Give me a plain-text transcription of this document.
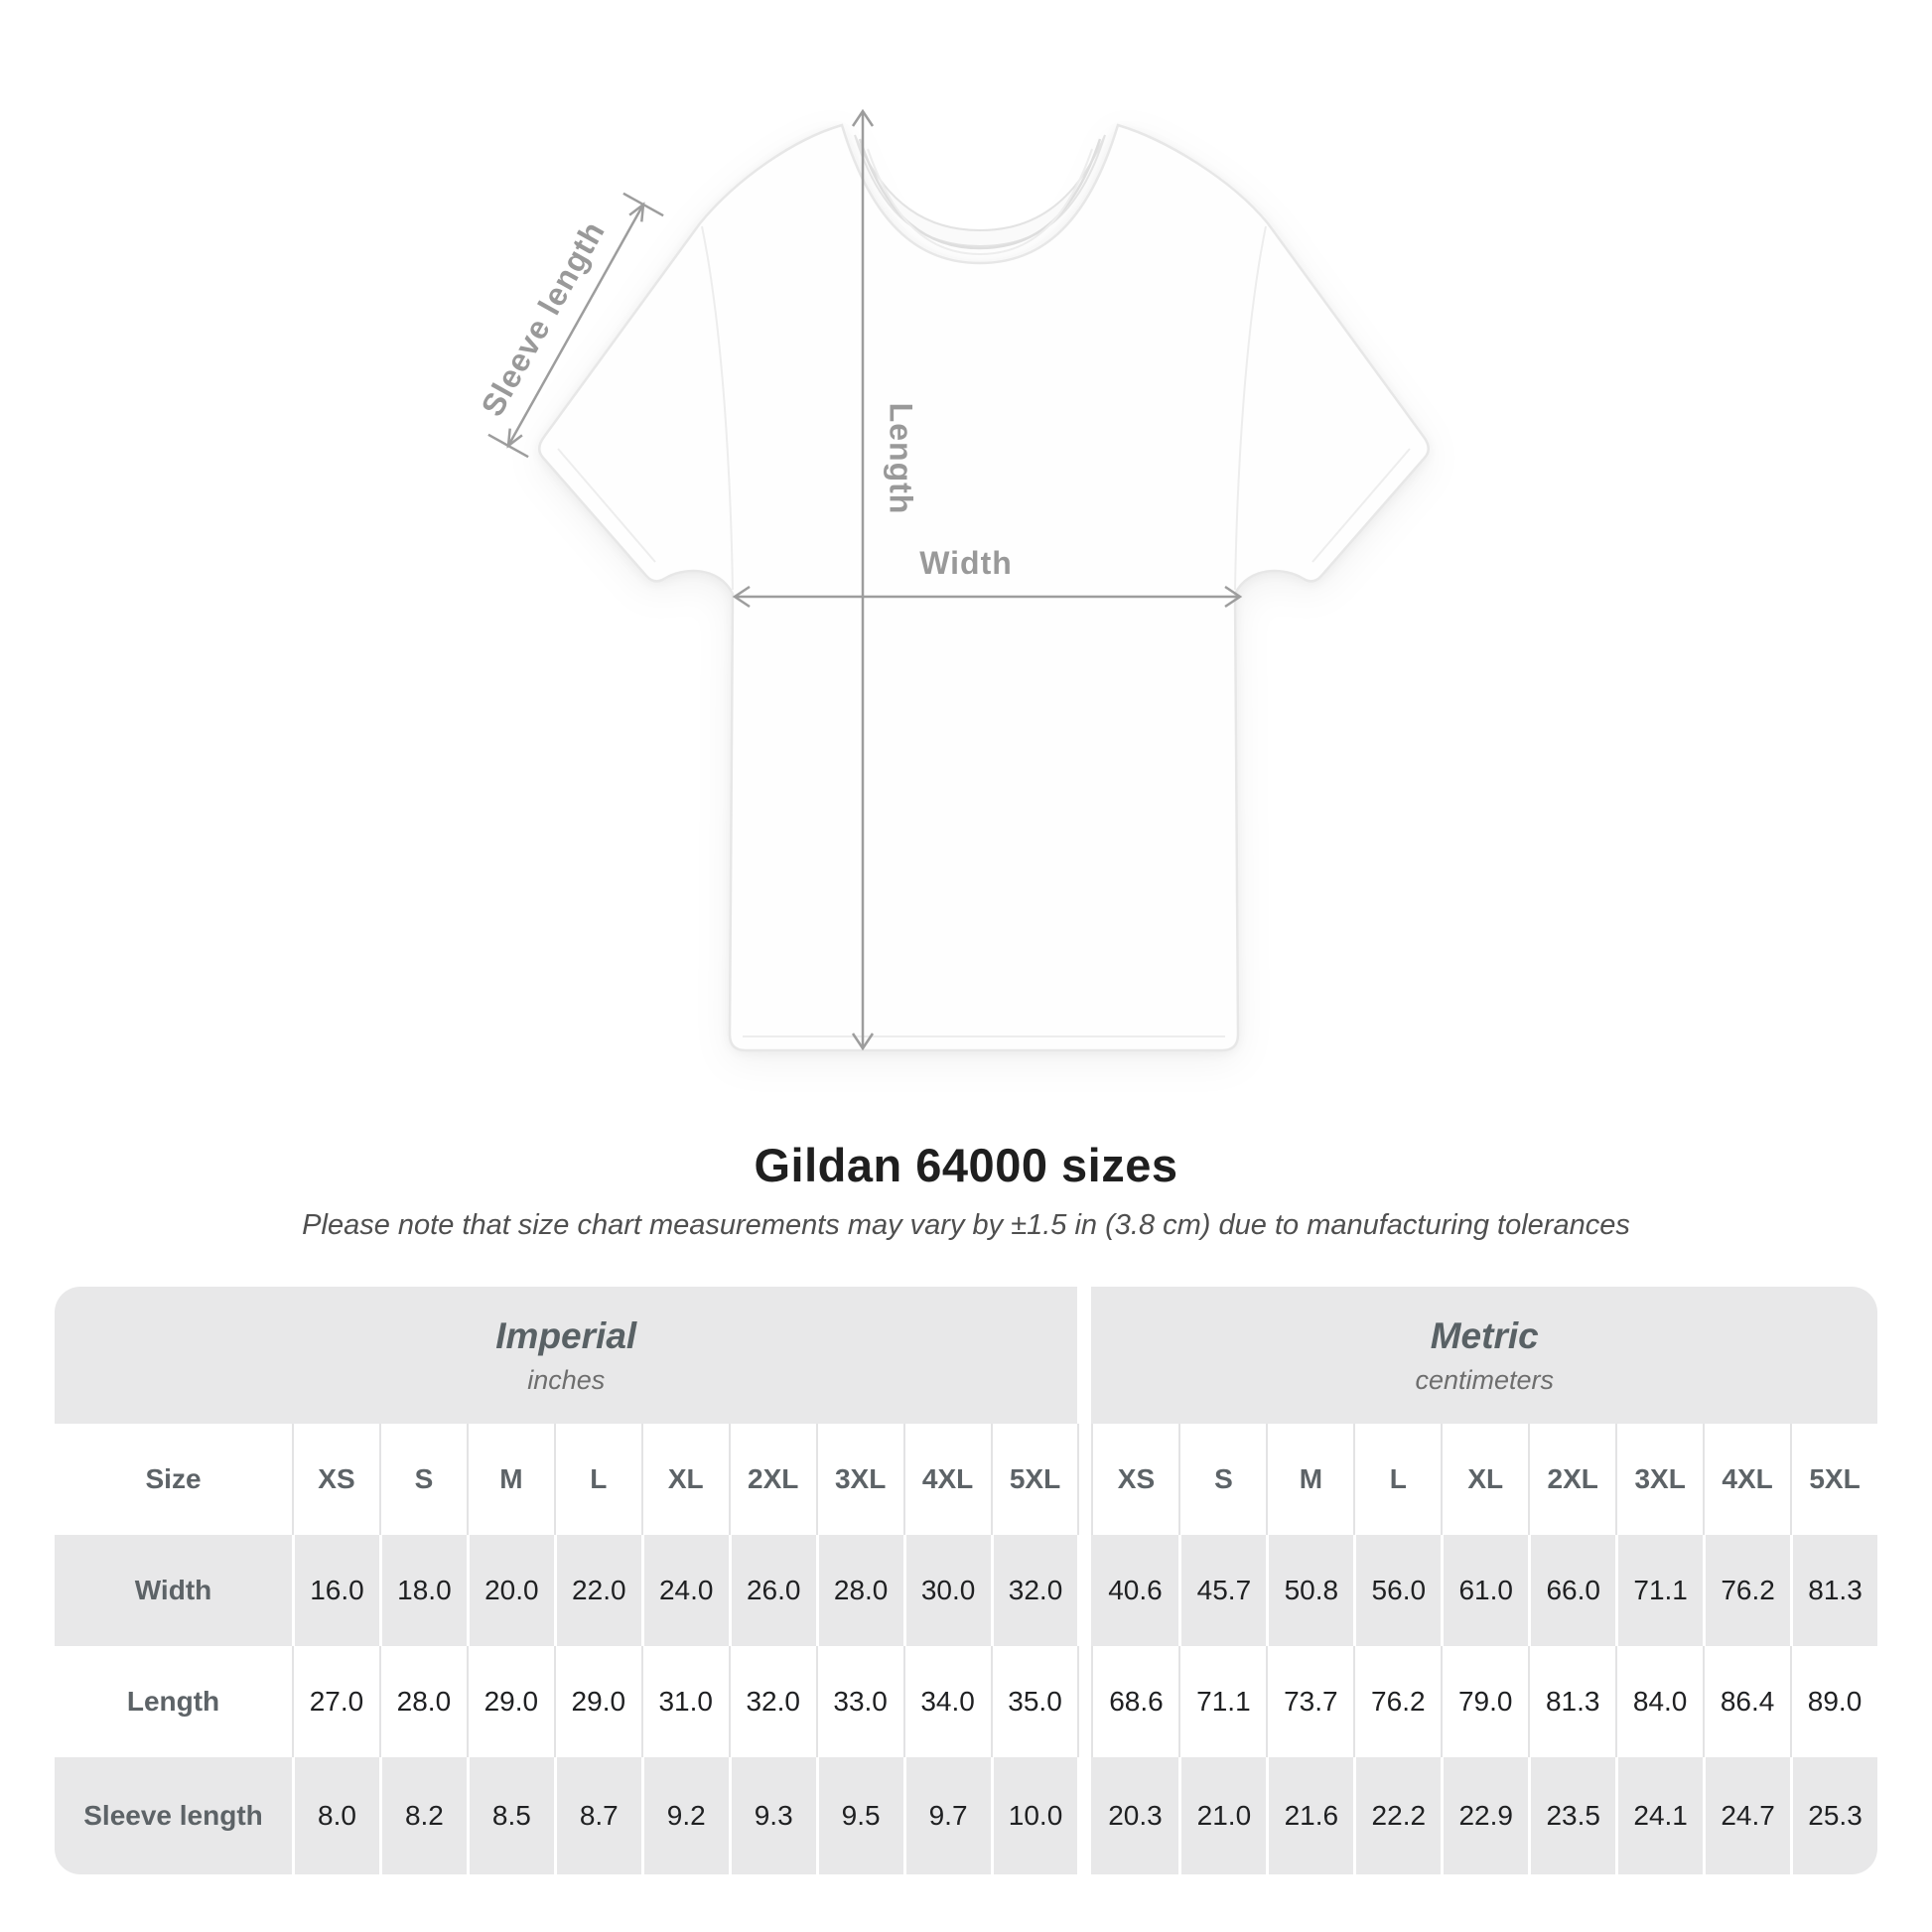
Length
Width
Sleeve length
Gildan 64000 sizes

Please note that size chart measurements may vary by ±1.5 in (3.8 cm) due to manufacturing tolerances

Imperial
inches
Metric
centimeters
Size	XS	S	M	L	XL	2XL	3XL	4XL	5XL	XS	S	M	L	XL	2XL	3XL	4XL	5XL
Width	16.0	18.0	20.0	22.0	24.0	26.0	28.0	30.0	32.0	40.6	45.7	50.8	56.0	61.0	66.0	71.1	76.2	81.3
Length	27.0	28.0	29.0	29.0	31.0	32.0	33.0	34.0	35.0	68.6	71.1	73.7	76.2	79.0	81.3	84.0	86.4	89.0
Sleeve length	8.0	8.2	8.5	8.7	9.2	9.3	9.5	9.7	10.0	20.3	21.0	21.6	22.2	22.9	23.5	24.1	24.7	25.3
